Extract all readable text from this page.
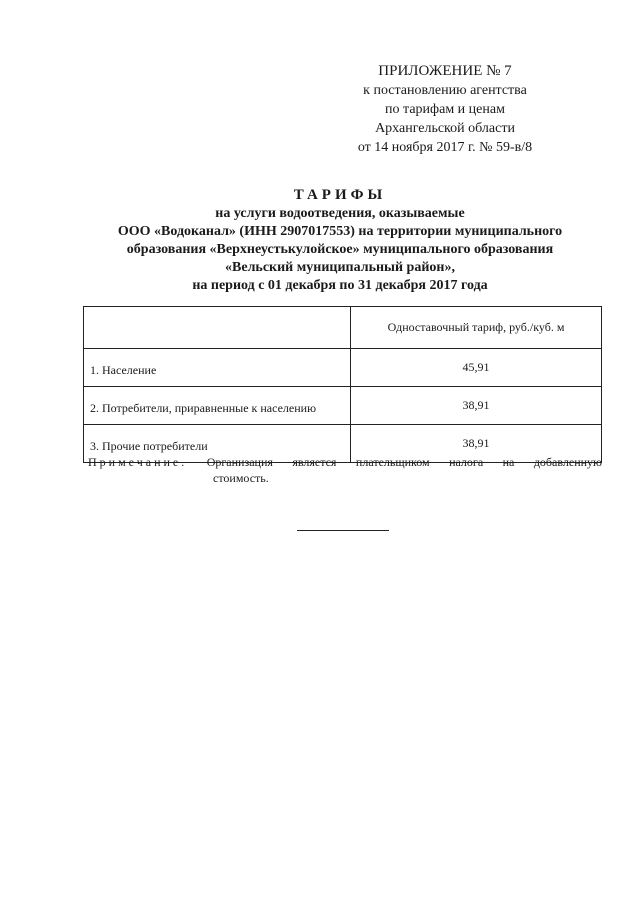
ПРИЛОЖЕНИЕ № 7
к постановлению агентства
по тарифам и ценам
Архангельской области
от 14 ноября 2017 г. № 59-в/8
ТАРИФЫ
на услуги водоотведения, оказываемые
ООО «Водоканал» (ИНН 2907017553) на территории муниципального
образования «Верхнеустькулойское» муниципального образования
«Вельский муниципальный район»,
на период с 01 декабря по 31 декабря 2017 года
	Одноставочный тариф, руб./куб. м
1. Население	45,91
2. Потребители, приравненные к населению	38,91
3. Прочие потребители	38,91
Примечание. Организация является плательщиком налога на добавленную
стоимость.
